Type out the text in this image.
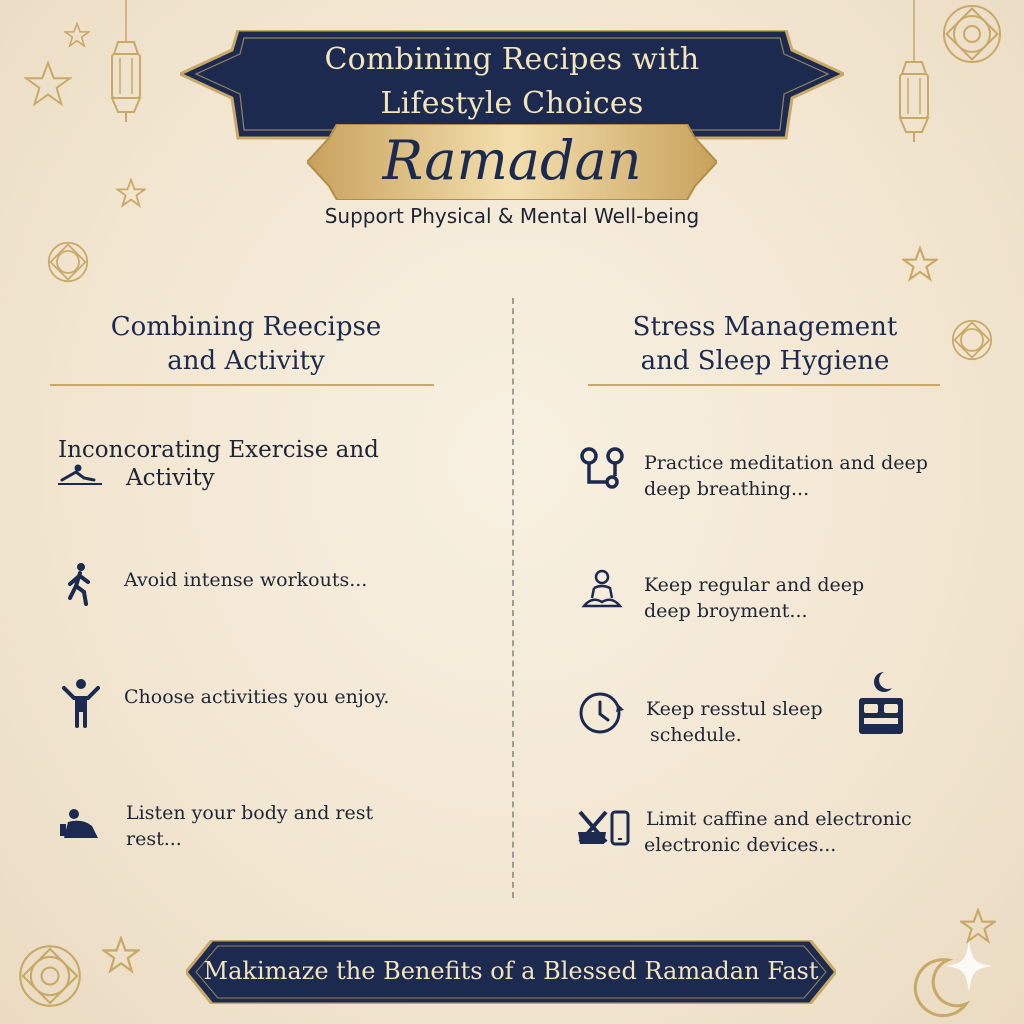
Combining Recipes with
Lifestyle Choices
Ramadan
Support Physical & Mental Well-being
Combining Reecipse
and Activity
Inconcorating Exercise and
Activity
Avoid intense workouts...
Choose activities you enjoy.
Listen your body and rest
rest...
Stress Management
and Sleep Hygiene
Practice meditation and deep
deep breathing...
Keep regular and deep
deep broyment...
Keep resstul sleep
schedule.
Limit caffine and electronic
electronic devices...
Makimaze the Benefits of a Blessed Ramadan Fast
